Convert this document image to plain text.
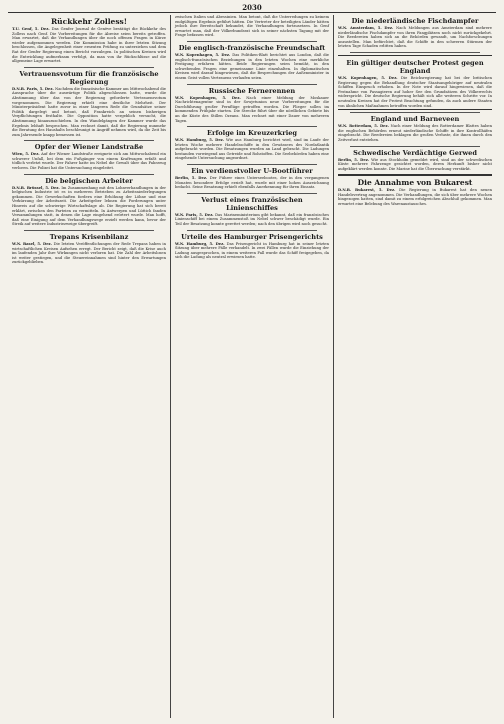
2030
Rückkehr Zolless!

T.U. Genf, 5. Dez. Das Genfer Journal de Genève bestätigt die Rückkehr des Zolless nach Genf. Die Vorbereitungen für die Abreise seien bereits getroffen. Man erwartet, daß die Verhandlungen über die noch offenen Fragen in Kürze wieder aufgenommen werden. Die Kommission habe in ihrer letzten Sitzung beschlossen, die Angelegenheit einer erneuten Prüfung zu unterziehen und dem Rat der Genfer Regierung einen Bericht vorzulegen. In politischen Kreisen wird die Entwicklung aufmerksam verfolgt, da man von ihr Rückschlüsse auf die allgemeine Lage erwartet.

Vertrauensvotum für die französische Regierung

D.N.B. Paris, 5. Dez. Nachdem die französische Kammer am Mittwochabend die Aussprache über die auswärtige Politik abgeschlossen hatte, wurde die Abstimmung über das von der Regierung geforderte Vertrauensvotum vorgenommen. Die Regierung erhielt eine deutliche Mehrheit. Der Ministerpräsident hatte zuvor in einer längeren Rede die Grundsätze seiner Politik dargelegt und betont, daß Frankreich an seinen bisherigen Verpflichtungen festhalte. Die Opposition hatte vergeblich versucht, die Abstimmung hinauszuschieben. In den Wandelgängen der Kammer wurde das Ergebnis lebhaft besprochen. Man rechnet damit, daß die Regierung nunmehr die Beratung des Haushalts beschleunigt in Angriff nehmen wird, da die Zeit bis zum Jahresende knapp bemessen ist.

Opfer der Wiener Landstraße

Wien, 5. Dez. Auf der Wiener Landstraße ereignete sich am Mittwochabend ein schwerer Unfall, bei dem ein Fußgänger von einem Kraftwagen erfaßt und tödlich verletzt wurde. Der Fahrer hatte im Nebel die Gewalt über das Fahrzeug verloren. Die Polizei hat die Untersuchung eingeleitet.

Die belgischen Arbeiter

D.N.B. Brüssel, 5. Dez. Im Zusammenhang mit den Lohnverhandlungen in der belgischen Industrie ist es in mehreren Betrieben zu Arbeitsniederlegungen gekommen. Die Gewerkschaften fordern eine Erhöhung der Löhne und eine Verkürzung der Arbeitszeit. Die Arbeitgeber lehnen die Forderungen unter Hinweis auf die schwierige Wirtschaftslage ab. Die Regierung hat sich bereit erklärt, zwischen den Parteien zu vermitteln. In Antwerpen und Lüttich fanden Versammlungen statt, in denen die Lage eingehend erörtert wurde. Man hofft, daß eine Einigung auf dem Verhandlungswege erzielt werden kann, bevor der Streik auf weitere Industriezweige übergreift.

Trepans Krisenbilanz

W.N. Basel, 5. Dez. Die letzten Veröffentlichungen der Rede Trepans haben in wirtschaftlichen Kreisen Aufsehen erregt. Der Bericht zeigt, daß die Krise auch im laufenden Jahr ihre Wirkungen nicht verloren hat. Die Zahl der Arbeitslosen ist weiter gestiegen, und die Steuereinnahmen sind hinter den Erwartungen zurückgeblieben.

zwischen Italien und Abessinien. Man betont, daß die Unterredungen zu keinem endgültigen Ergebnis geführt hätten. Die Vertreter der beteiligten Länder hätten jedoch ihre Bereitschaft bekundet, die Verhandlungen fortzusetzen. In Genf erwartet man, daß der Völkerbundsrat sich in seiner nächsten Tagung mit der Frage befassen wird.

Die englisch-französische Freundschaft

W.N. Kopenhagen, 5. Dez. Das Politiken-Blatt berichtet aus London, daß die englisch-französischen Beziehungen in den letzten Wochen eine merkliche Festigung erfahren hätten. Beide Regierungen seien bemüht, in den schwebenden Fragen eine gemeinsame Linie einzuhalten. In diplomatischen Kreisen wird darauf hingewiesen, daß die Besprechungen der Außenminister in einem Geist vollen Vertrauens verlaufen seien.

Russische Fernerennen

W.N. Kopenhagen, 5. Dez. Nach einer Meldung der Moskauer Nachrichtenagentur sind in der Sowjetunion neue Vorbereitungen für die Durchführung großer Fernflüge getroffen worden. Die Flieger sollen im kommenden Frühjahr starten. Die Strecke führt über die nördlichen Gebiete bis an die Küste des Stillen Ozeans. Man rechnet mit einer Dauer von mehreren Tagen.

Erfolge im Kreuzerkrieg

W.N. Hamburg, 5. Dez. Wie aus Hamburg berichtet wird, sind im Laufe der letzten Woche mehrere Handelsschiffe in den Gewässern des Nordatlantik aufgebracht worden. Die Besatzungen wurden an Land gebracht. Die Ladungen bestanden vorwiegend aus Getreide und Rohstoffen. Die Seebehörden haben eine eingehende Untersuchung angeordnet.

Ein verdienstvoller U-Bootführer

Berlin, 5. Dez. Der Führer eines Unterseebootes, der in den vergangenen Monaten besondere Erfolge erzielt hat, wurde mit einer hohen Auszeichnung bedacht. Seine Besatzung erhielt ebenfalls Anerkennung für ihren Einsatz.

Verlust eines französischen Linienschiffes

W.N. Paris, 5. Dez. Das Marineministerium gibt bekannt, daß ein französisches Linienschiff bei einem Zusammenstoß im Nebel schwer beschädigt wurde. Ein Teil der Besatzung konnte gerettet werden; nach den übrigen wird noch gesucht.

Urteile des Hamburger Prisengerichts

W.N. Hamburg, 5. Dez. Das Prisengericht in Hamburg hat in seiner letzten Sitzung über mehrere Fälle verhandelt. In zwei Fällen wurde die Einziehung der Ladung ausgesprochen, in einem weiteren Fall wurde das Schiff freigegeben, da sich die Ladung als neutral erwiesen hatte.

Die niederländische Fischdampfer

W.N. Amsterdam, 5. Dez. Nach Meldungen aus Amsterdam sind mehrere niederländische Fischdampfer von ihren Fangplätzen noch nicht zurückgekehrt. Die Reedereien haben sich an die Behörden gewandt, um Nachforschungen anzustellen. Man befürchtet, daß die Schiffe in den schweren Stürmen der letzten Tage Schaden erlitten haben.

Ein gültiger deutscher Protest gegen England

W.N. Kopenhagen, 5. Dez. Die Reichsregierung hat bei der britischen Regierung gegen die Behandlung deutscher Staatsangehöriger auf neutralen Schiffen Einspruch erhoben. In der Note wird darauf hingewiesen, daß die Festnahme von Passagieren auf hoher See den Grundsätzen des Völkerrechts widerspricht. Die deutsche Regierung behält sich alle weiteren Schritte vor. In neutralen Kreisen hat der Protest Beachtung gefunden, da auch andere Staaten von ähnlichen Maßnahmen betroffen worden sind.

England und Barneveen

W.N. Rotterdam, 5. Dez. Nach einer Meldung des Rotterdamer Blattes haben die englischen Behörden erneut niederländische Schiffe in ihre Kontrollhäfen eingebracht. Die Reedereien beklagen die großen Verluste, die ihnen durch den Zeitverlust entstehen.

Schwedische Verdächtige Gerwed

Berlin, 5. Dez. Wie aus Stockholm gemeldet wird, sind an der schwedischen Küste mehrere Fahrzeuge gesichtet worden, deren Herkunft bisher nicht aufgeklärt werden konnte. Die Marine hat die Überwachung verstärkt.

Die Annahme von Bukarest

D.N.B. Bukarest, 5. Dez. Die Regierung in Bukarest hat den neuen Handelsvertrag angenommen. Die Verhandlungen, die sich über mehrere Wochen hingezogen hatten, sind damit zu einem erfolgreichen Abschluß gekommen. Man erwartet eine Belebung des Warenaustausches.
